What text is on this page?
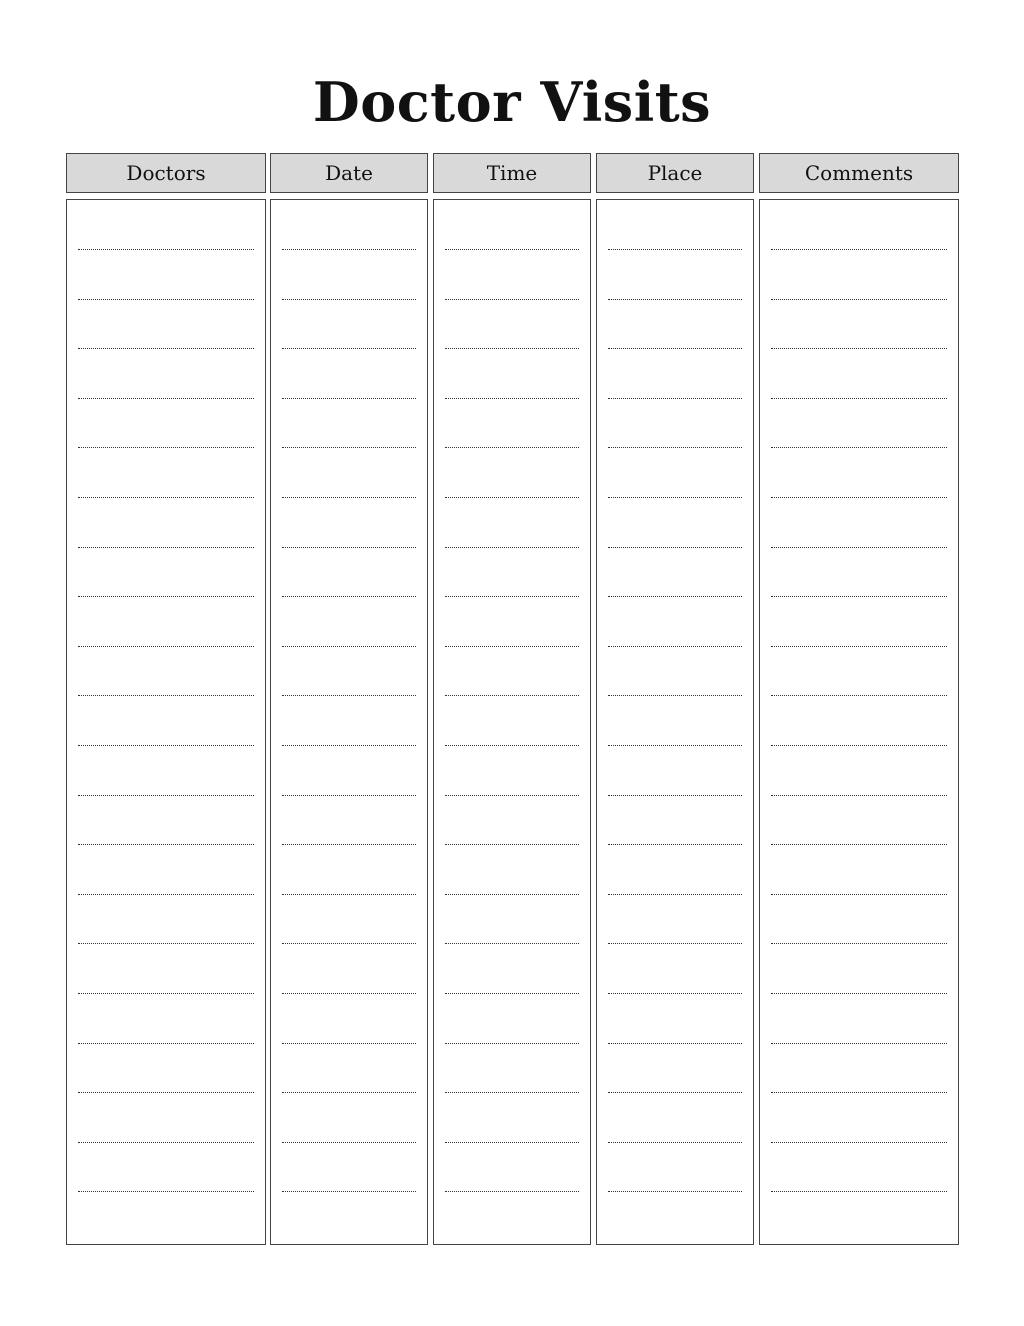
Doctor Visits
Doctors	Date	Time	Place	Comments
